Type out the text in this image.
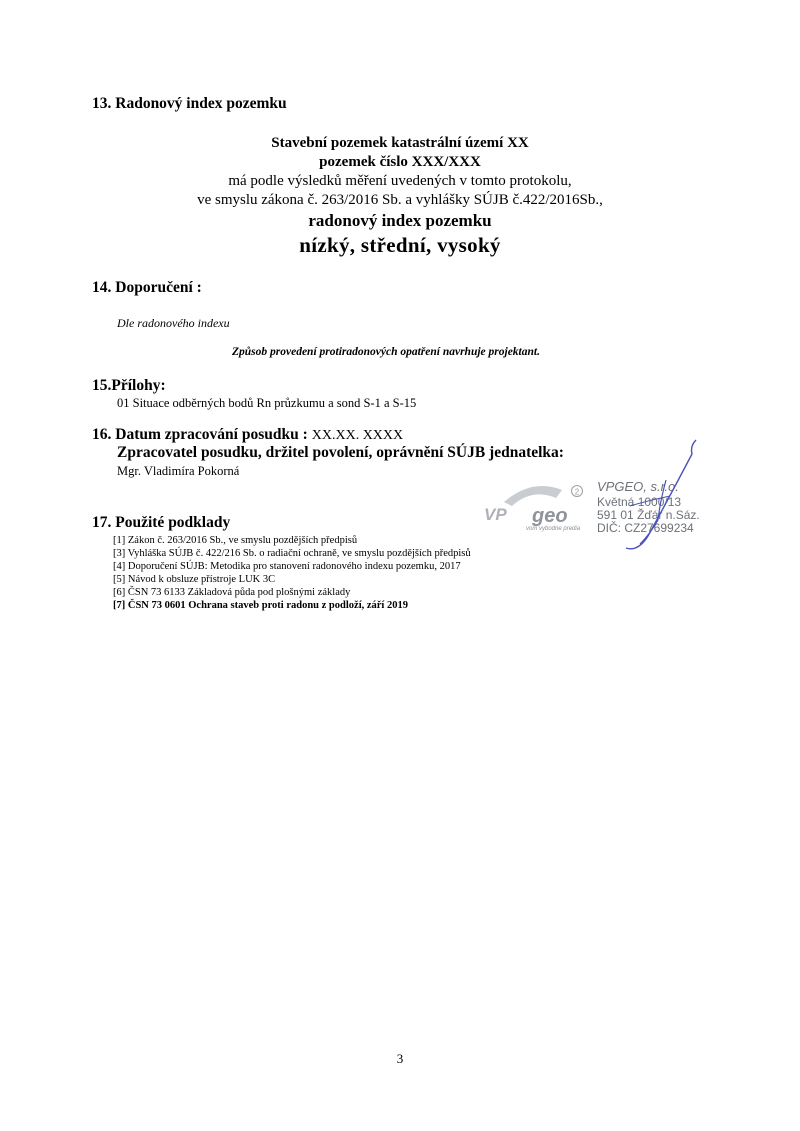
13. Radonový index pozemku
Stavební pozemek katastrální území XX
pozemek číslo XXX/XXX
má podle výsledků měření uvedených v tomto protokolu,
ve smyslu zákona č. 263/2016 Sb. a vyhlášky SÚJB č.422/2016Sb.,
radonový index pozemku
nízký, střední, vysoký
14. Doporučení :
Dle radonového indexu
Způsob provedení protiradonových opatření navrhuje projektant.
15.Přílohy:
01 Situace odběrných bodů Rn průzkumu a sond S-1 a S-15
16. Datum zpracování posudku : XX.XX. XXXX
Zpracovatel posudku, držitel povolení, oprávnění SÚJB jednatelka:
Mgr. Vladimíra Pokorná
VP geo
2
vom vybodne predia
VPGEO, s.r.o.
Květná 1000/13
591 01 Žďár n.Sáz.
DIČ: CZ27699234
17. Použité podklady
[1] Zákon č. 263/2016 Sb., ve smyslu pozdějších předpisů
[3] Vyhláška SÚJB č. 422/216 Sb. o radiační ochraně, ve smyslu pozdějších předpisů
[4] Doporučení SÚJB: Metodika pro stanovení radonového indexu pozemku, 2017
[5] Návod k obsluze přístroje LUK 3C
[6] ČSN 73 6133 Základová půda pod plošnými základy
[7] ČSN 73 0601 Ochrana staveb proti radonu z podloží, září 2019
3
